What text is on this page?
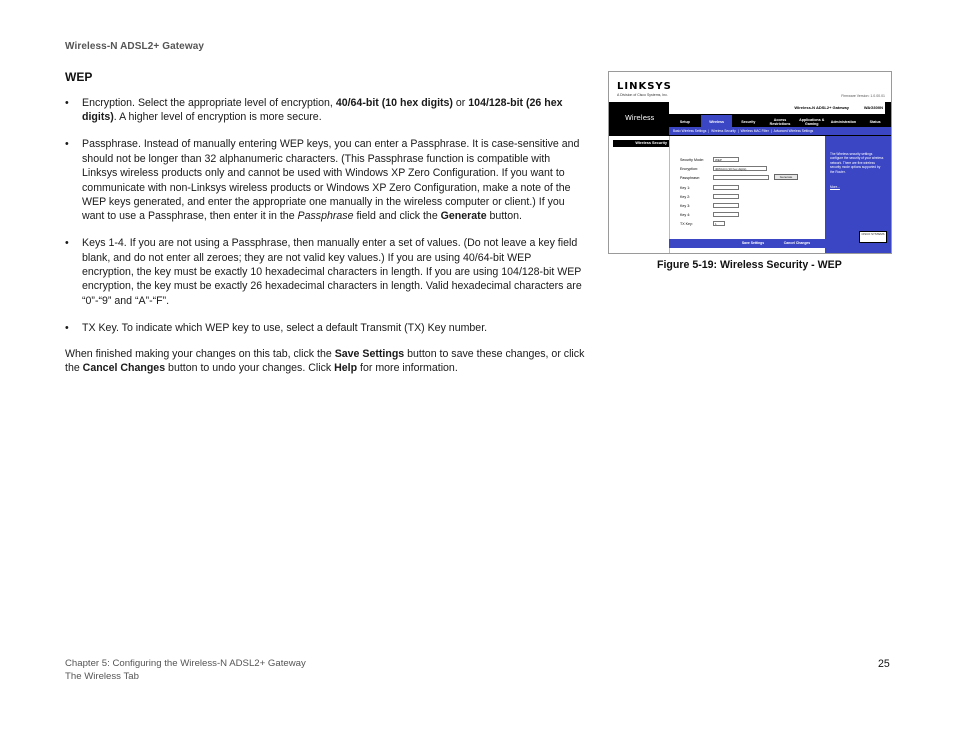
Wireless-N ADSL2+ Gateway
WEP
• Encryption. Select the appropriate level of encryption, 40/64-bit (10 hex digits) or 104/128-bit (26 hex digits). A higher level of encryption is more secure.
• Passphrase. Instead of manually entering WEP keys, you can enter a Passphrase. It is case-sensitive and should not be longer than 32 alphanumeric characters. (This Passphrase function is compatible with Linksys wireless products only and cannot be used with Windows XP Zero Configuration. If you want to communicate with non-Linksys wireless products or Windows XP Zero Configuration, make a note of the WEP keys generated, and enter the appropriate one manually in the wireless computer or client.) If you want to use a Passphrase, then enter it in the Passphrase field and click the Generate button.
• Keys 1-4. If you are not using a Passphrase, then manually enter a set of values. (Do not leave a key field blank, and do not enter all zeroes; they are not valid key values.) If you are using 40/64-bit WEP encryption, the key must be exactly 10 hexadecimal characters in length. If you are using 104/128-bit WEP encryption, the key must be exactly 26 hexadecimal characters in length. Valid hexadecimal characters are “0”-“9” and “A”-“F”.
• TX Key. To indicate which WEP key to use, select a default Transmit (TX) Key number.

When finished making your changes on this tab, click the Save Settings button to save these changes, or click the Cancel Changes button to undo your changes. Click Help for more information.

LINKSYS
A Division of Cisco Systems, Inc.	Firmware Version: 1.0.00.01
Wireless-N ADSL2+ Gateway	WAG300N
Wireless	Setup	Wireless	Security	Access Restrictions
Applications & Gaming	Administration	Status
Basic Wireless Settings | Wireless Security | Wireless MAC Filter | Advanced Wireless Settings
Wireless Security
Security Mode:	WEP
Encryption:	40/64-bit (10 hex digits)
Passphrase:	Generate
Key 1:
Key 2:
Key 3:
Key 4:
TX Key:	1
The Wireless security settings configure the security of your wireless network. There are five wireless security mode options supported by the Router.
More...
CISCO SYSTEMS
Save Settings	Cancel Changes
Figure 5-19: Wireless Security - WEP
Chapter 5: Configuring the Wireless-N ADSL2+ Gateway
The Wireless Tab
25
